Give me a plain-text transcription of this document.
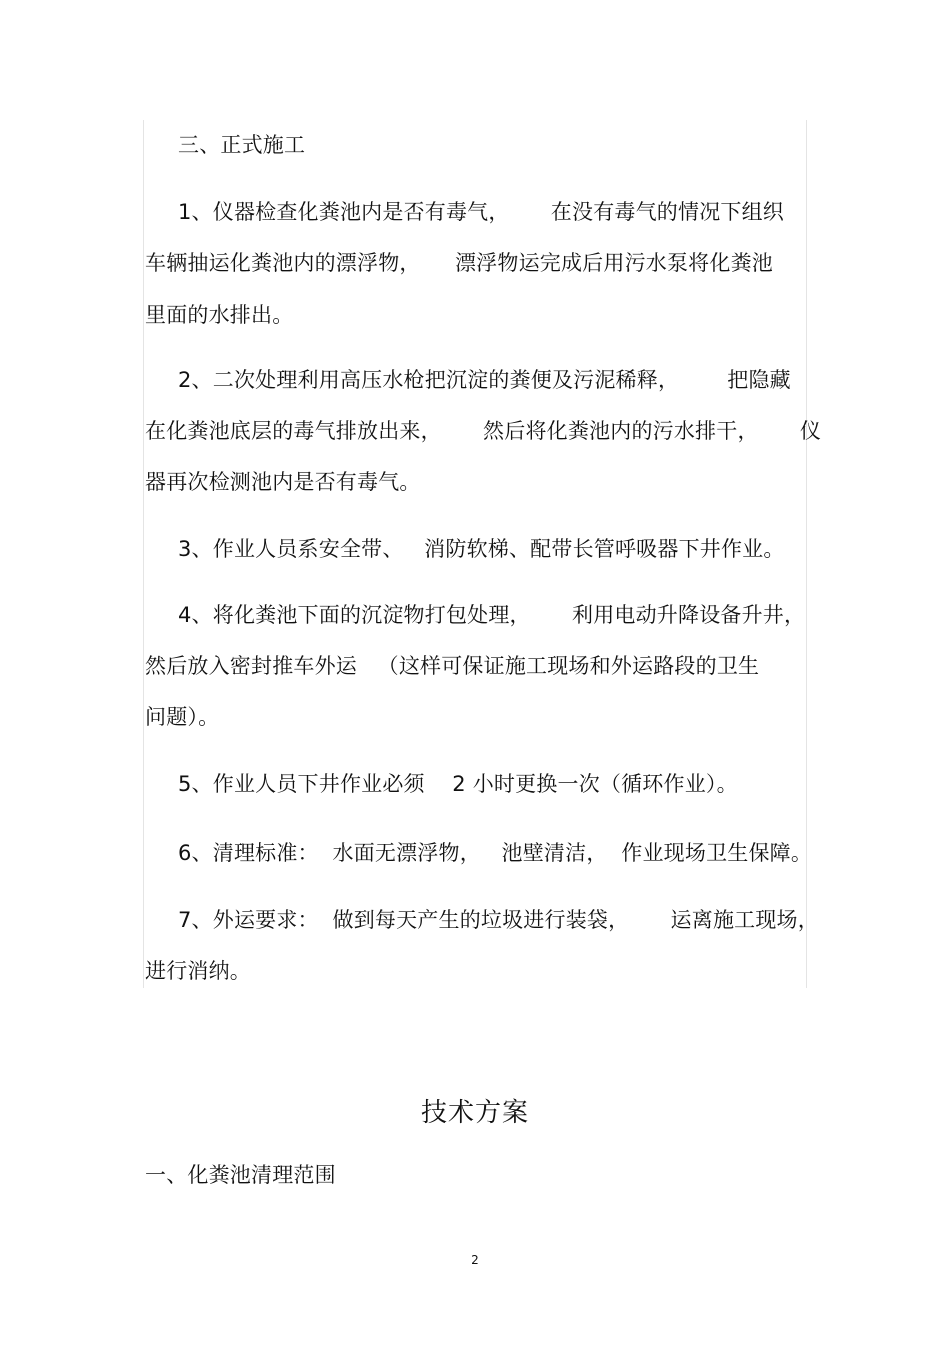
三、正式施工
1、仪器检查化粪池内是否有毒气，      在没有毒气的情况下组织
车辆抽运化粪池内的漂浮物，     漂浮物运完成后用污水泵将化粪池
里面的水排出。
2、二次处理利用高压水枪把沉淀的粪便及污泥稀释，       把隐藏
在化粪池底层的毒气排放出来，      然后将化粪池内的污水排干，      仪
器再次检测池内是否有毒气。
3、作业人员系安全带、   消防软梯、配带长管呼吸器下井作业。
4、将化粪池下面的沉淀物打包处理，      利用电动升降设备升井，
然后放入密封推车外运   （这样可保证施工现场和外运路段的卫生
问题）。
5、作业人员下井作业必须    2 小时更换一次（循环作业）。
6、清理标准：  水面无漂浮物，   池壁清洁，  作业现场卫生保障。
7、外运要求：  做到每天产生的垃圾进行装袋，      运离施工现场，
进行消纳。
技术方案
一、化粪池清理范围
2
